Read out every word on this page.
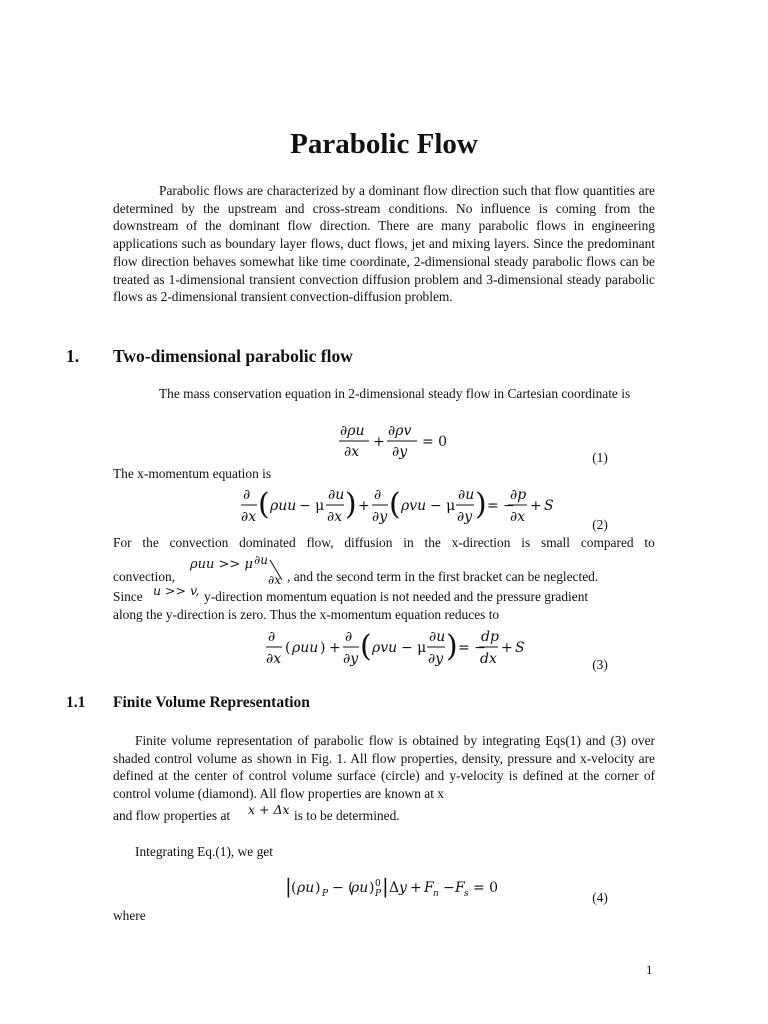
Parabolic Flow

Parabolic flows are characterized by a dominant flow direction such that flow quantities are determined by the upstream and cross-stream conditions. No influence is coming from the downstream of the dominant flow direction. There are many parabolic flows in engineering applications such as boundary layer flows, duct flows, jet and mixing layers. Since the predominant flow direction behaves somewhat like time coordinate, 2-dimensional steady parabolic flows can be treated as 1-dimensional transient convection diffusion problem and 3-dimensional steady parabolic flows as 2-dimensional transient convection-diffusion problem.

1. Two-dimensional parabolic flow

The mass conservation equation in 2-dimensional steady flow in Cartesian coordinate is

∂ρu
∂x
+
∂ρv
∂y
= 0
(1)
The x-momentum equation is
∂
∂x ( ρuu − μ
∂u
∂x ) +
∂
∂y ( ρvu − μ
∂u
∂y ) = −
∂p
∂x
+ S
(2)
For the convection dominated flow, diffusion in the x-direction is small compared to
convection,
ρuu >> μ ∂u
∂x , and the second term in the first bracket can be neglected.
Since u >> v, y-direction momentum equation is not needed and the pressure gradient
along the y-direction is zero. Thus the x-momentum equation reduces to
∂
∂x
( ρuu ) +
∂
∂y ( ρvu − μ
∂u
∂y ) = −
dp
dx
+ S
(3)
1.1 Finite Volume Representation

Finite volume representation of parabolic flow is obtained by integrating Eqs(1) and (3) over shaded control volume as shown in Fig. 1. All flow properties, density, pressure and x-velocity are defined at the center of control volume surface (circle) and y-velocity is defined at the corner of control volume (diamond). All flow properties are known at x

and flow properties at x + Δx is to be determined.
Integrating Eq.(1), we get
| ( ρu ) P − (
ρu ) 0
P | Δ y + F n − F s = 0
(4)
where
1
